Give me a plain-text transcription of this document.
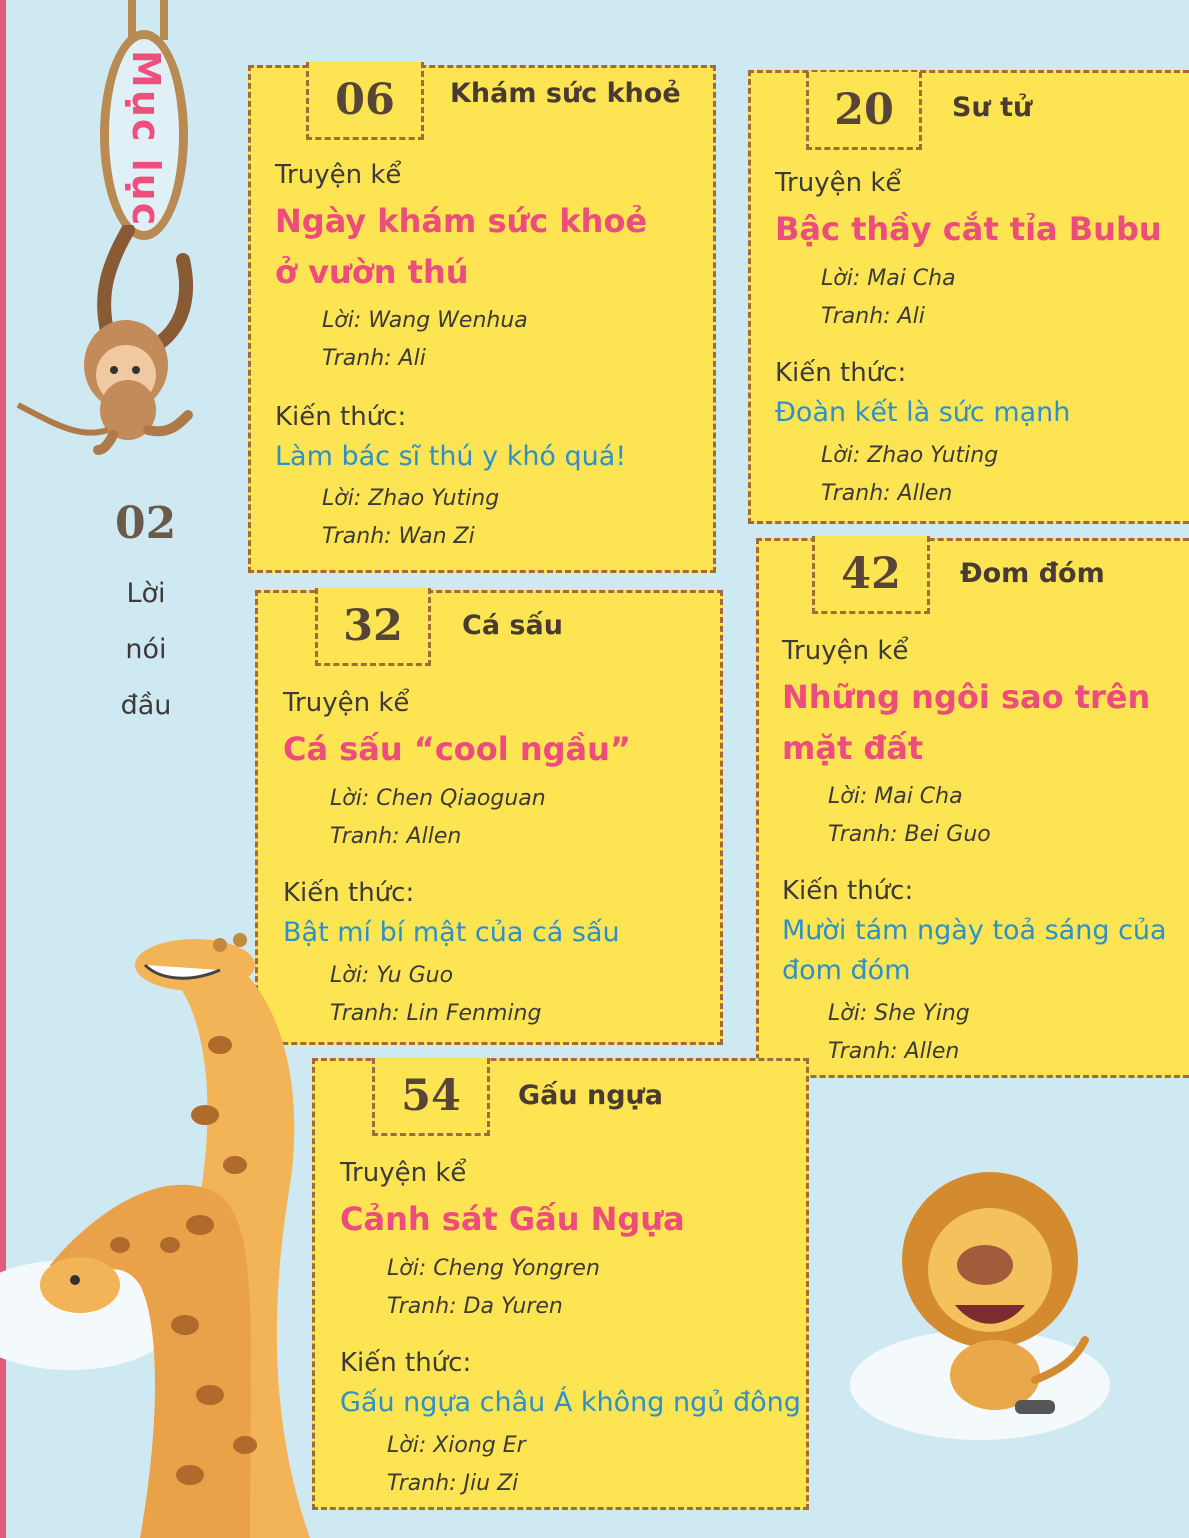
Mục lục
02
Lời
nói
đầu
06	Khám sức khoẻ
Truyện kể
Ngày khám sức khoẻ
ở vườn thú
Lời: Wang Wenhua
Tranh: Ali
Kiến thức:
Làm bác sĩ thú y khó quá!
Lời: Zhao Yuting
Tranh: Wan Zi
20	Sư tử
Truyện kể
Bậc thầy cắt tỉa Bubu
Lời: Mai Cha
Tranh: Ali
Kiến thức:
Đoàn kết là sức mạnh
Lời: Zhao Yuting
Tranh: Allen
32	Cá sấu
Truyện kể
Cá sấu “cool ngầu”
Lời: Chen Qiaoguan
Tranh: Allen
Kiến thức:
Bật mí bí mật của cá sấu
Lời: Yu Guo
Tranh: Lin Fenming
42	Đom đóm
Truyện kể
Những ngôi sao trên
mặt đất
Lời: Mai Cha
Tranh: Bei Guo
Kiến thức:
Mười tám ngày toả sáng của
đom đóm
Lời: She Ying
Tranh: Allen
54	Gấu ngựa
Truyện kể
Cảnh sát Gấu Ngựa
Lời: Cheng Yongren
Tranh: Da Yuren
Kiến thức:
Gấu ngựa châu Á không ngủ đông
Lời: Xiong Er
Tranh: Jiu Zi
